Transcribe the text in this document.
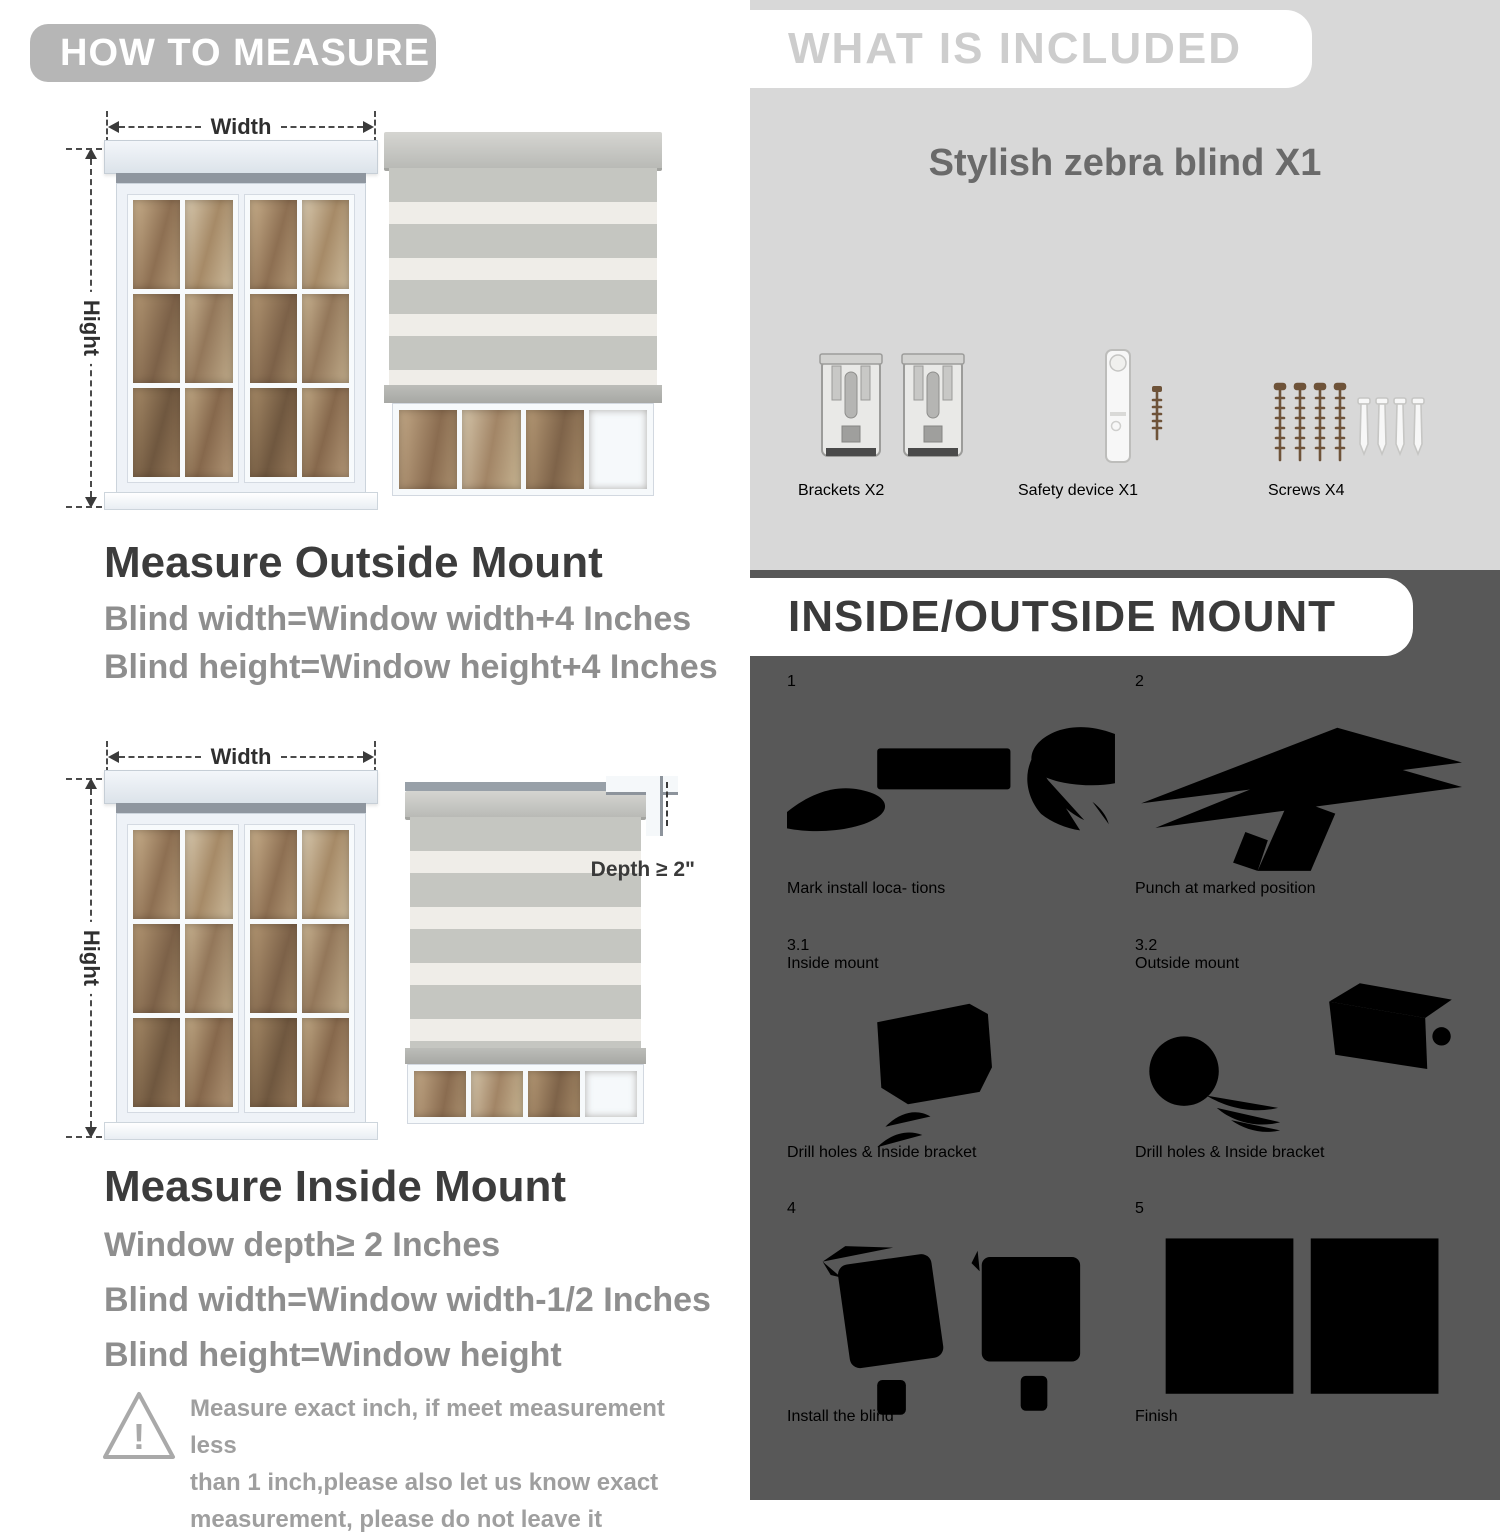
HOW TO MEASURE
Width
Hight
Measure Outside Mount
Blind width=Window width+4 Inches
Blind height=Window height+4 Inches
Width
Hight
Depth ≥ 2"
Measure Inside Mount
Window depth≥ 2 Inches
Blind width=Window width-1/2 Inches
Blind height=Window height
!
Measure exact inch, if meet measurement less
than 1 inch,please also let us know exact
measurement, please do not leave it
WHAT IS INCLUDED
Stylish zebra blind X1
Brackets X2	Safety device X1	Screws X4
INSIDE/OUTSIDE MOUNT
1
Mark install loca- tions
2
Punch at marked position
3.1
Inside mount
Drill holes & Inside bracket
3.2
Outside mount
Drill holes & Inside bracket
4
Install the blind
5
Finish
